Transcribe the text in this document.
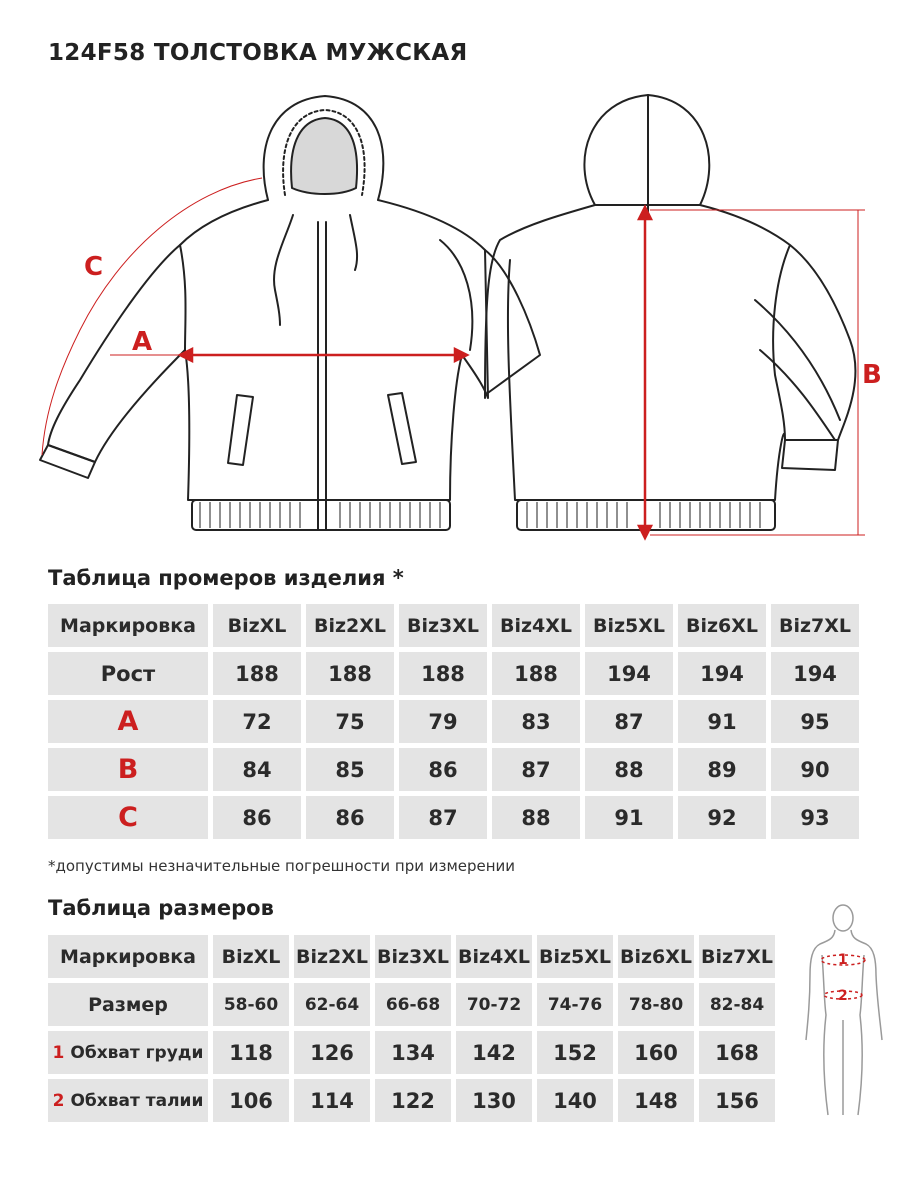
124F58 ТОЛСТОВКА МУЖСКАЯ
A
B
C
Таблица промеров изделия *
Маркировка	BizXL	Biz2XL	Biz3XL	Biz4XL	Biz5XL	Biz6XL	Biz7XL
Рост	188	188	188	188	194	194	194
A	72	75	79	83	87	91	95
B	84	85	86	87	88	89	90
C	86	86	87	88	91	92	93
*допустимы незначительные погрешности при измерении
Таблица размеров
Маркировка	BizXL Biz2XL Biz3XL Biz4XL Biz5XL Biz6XL Biz7XL
Размер	58-60	62-64	66-68	70-72	74-76	78-80	82-84
1 Обхват груди	118	126	134	142	152	160	168
2 Обхват талии	106	114	122	130	140	148	156
1
2
